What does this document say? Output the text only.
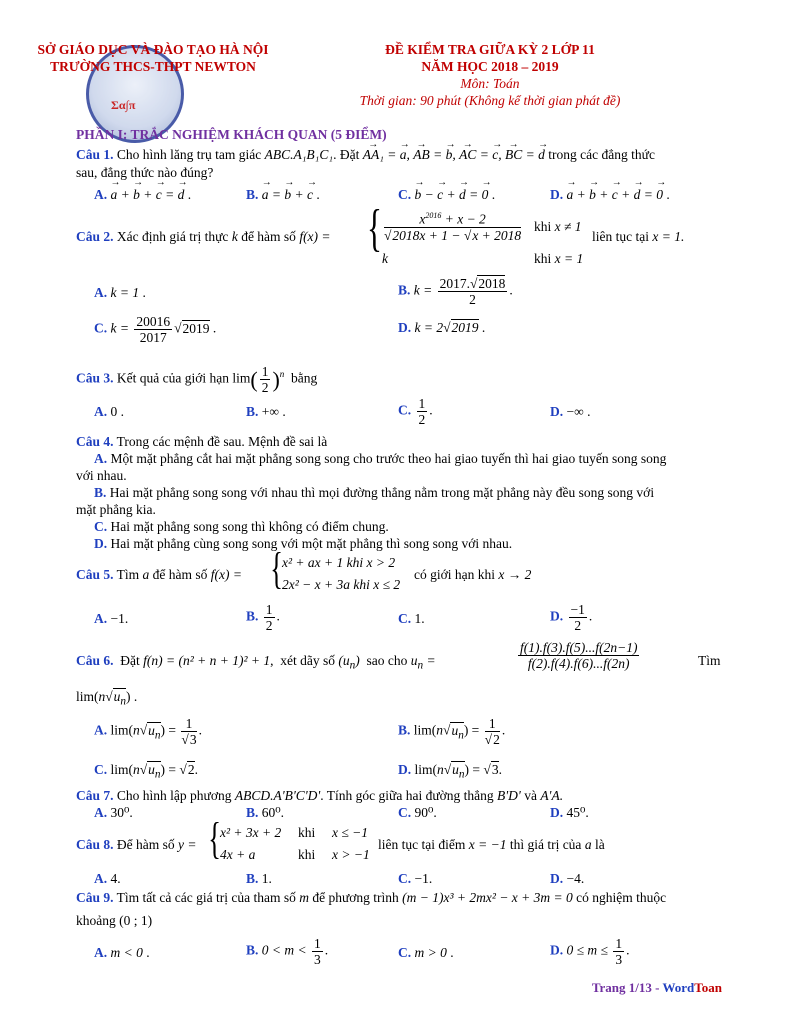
Σα∫π
SỞ GIÁO DỤC VÀ ĐÀO TẠO HÀ NỘI
TRƯỜNG THCS-THPT NEWTON
ĐỀ KIỂM TRA GIỮA KỲ 2 LỚP 11
NĂM HỌC 2018 – 2019
Môn: Toán
Thời gian: 90 phút (Không kể thời gian phát đề)
PHẦN I: TRẮC NGHIỆM KHÁCH QUAN (5 ĐIỂM)
Câu 1. Cho hình lăng trụ tam giác ABC.A₁B₁C₁. Đặt → AA₁ = → a, → AB = → b, → AC = → c, → BC = → d trong các đẳng thức
sau, đẳng thức nào đúng?
A. → a + → b + → c = → d .	B. → a = → b + → c .	C. → b − → c + → d = → 0 .	D. → a + → b + → c + → d = → 0 .
Câu 2. Xác định giá trị thực k để hàm số f(x) = { $\frac{x^{2016} + x - 2}{√2018x + 1 - √x + 2018}$ khi x ≠ 1
k	khi x = 1
liên tục tại x = 1.
A. k = 1 .	B. $k = \frac{2017.√2018}{2}$ .
C. $k = \frac{20016}{2017} √2019$ .	D. k = 2√2019 .
Câu 3. Kết quả của giới hạn $\lim( \frac{1}{2} )^n$ bằng
A. 0 .	B. +∞ .	C. $\frac{1}{2}$ .	D. −∞ .
Câu 4. Trong các mệnh đề sau. Mệnh đề sai là
A. Một mặt phẳng cắt hai mặt phẳng song song cho trước theo hai giao tuyến thì hai giao tuyến song song
với nhau.
B. Hai mặt phẳng song song với nhau thì mọi đường thẳng nằm trong mặt phẳng này đều song song với
mặt phẳng kia.
C. Hai mặt phẳng song song thì không có điểm chung.
D. Hai mặt phẳng cùng song song với một mặt phẳng thì song song với nhau.
Câu 5. Tìm a để hàm số f(x) = { x² + ax + 1 khi x > 2
2x² − x + 3a khi x ≤ 2
có giới hạn khi x → 2
A. −1.	B. $\frac{1}{2}$ .	C. 1.	D. $\frac{-1}{2}$ .
Câu 6. Đặt f(n) = (n² + n + 1)² + 1,  xét dãy số $(u_n)$ sao cho $u_n$ =	$\frac{f(1).f(3).f(5)...f(2n-1)}{f(2).f(4).f(6)...f(2n)}$	Tìm
$\lim(n√u_n)$ .
A. $\lim(n√u_n) = \frac{1}{√3}$ .	B. $\lim(n√u_n) = \frac{1}{√2}$ .
C. $\lim(n√u_n) = √2$.	D. $\lim(n√u_n) = √3$.
Câu 7. Cho hình lập phương ABCD.A'B'C'D'. Tính góc giữa hai đường thẳng B'D' và A'A.
A. 30⁰.	B. 60⁰.	C. 90⁰.	D. 45⁰.
Câu 8. Để hàm số y = { x² + 3x + 2 khi x ≤ −1
4x + a	khi x > −1
liên tục tại điểm x = −1 thì giá trị của a là
A. 4.	B. 1.	C. −1.	D. −4.
Câu 9. Tìm tất cả các giá trị của tham số m để phương trình (m − 1)x³ + 2mx² − x + 3m = 0 có nghiệm thuộc
khoảng (0 ; 1)
A. m < 0 .	B. $0 < m < \frac{1}{3}$ .	C. m > 0 .	D. $0 \le m \le \frac{1}{3}$ .
Trang 1/13 - WordToan
